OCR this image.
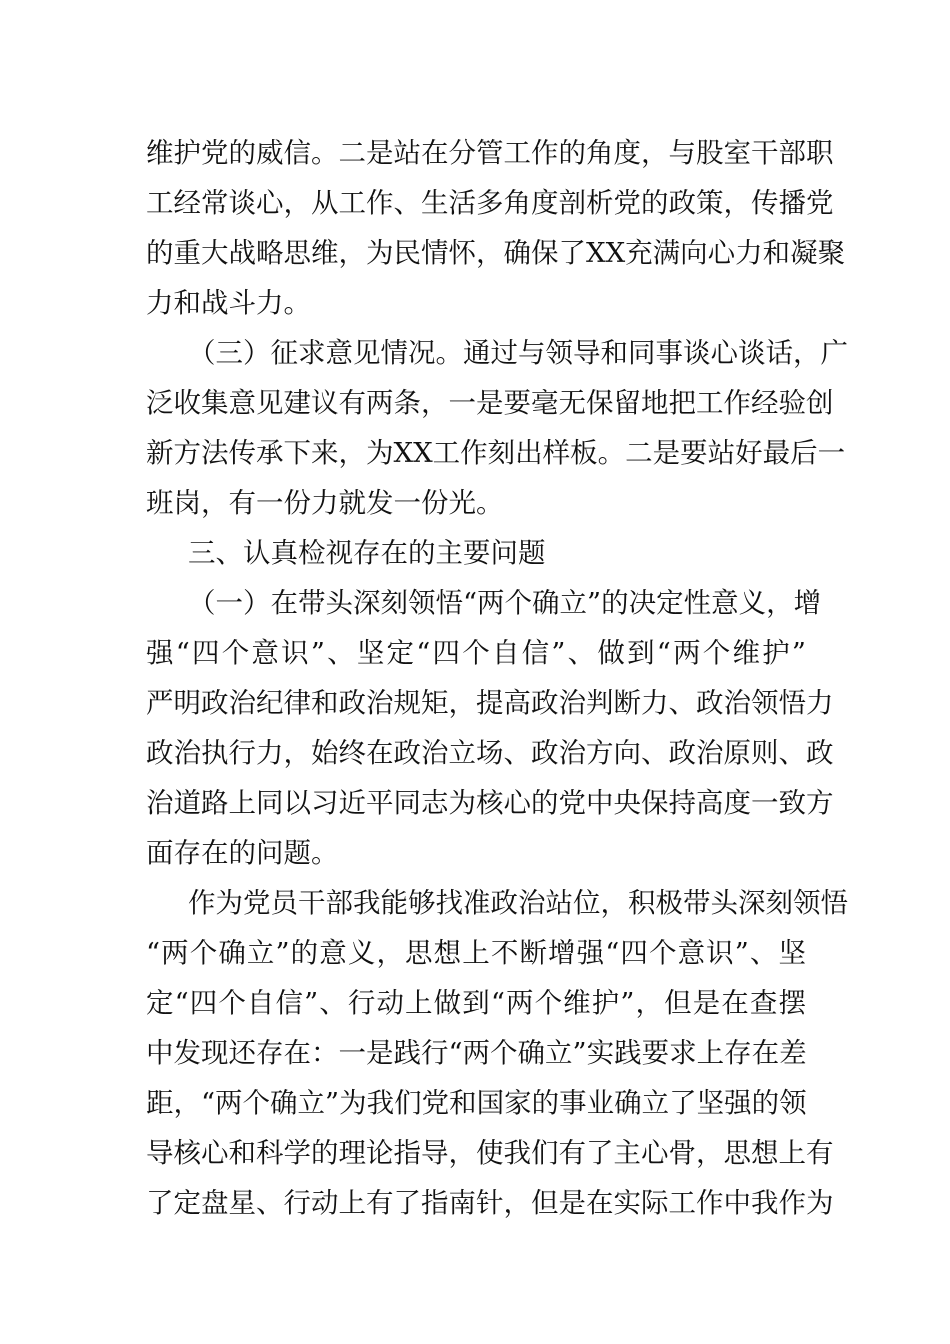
维护党的威信。二是站在分管工作的角度，与股室干部职
工经常谈心，从工作、生活多角度剖析党的政策，传播党
的重大战略思维，为民情怀，确保了XX充满向心力和凝聚
力和战斗力。
（三）征求意见情况。通过与领导和同事谈心谈话，广
泛收集意见建议有两条，一是要毫无保留地把工作经验创
新方法传承下来，为XX工作刻出样板。二是要站好最后一
班岗，有一份力就发一份光。
三、认真检视存在的主要问题
（一）在带头深刻领悟“两个确立”的决定性意义，增
强“四个意识”、坚定“四个自信”、做到“两个维护”
严明政治纪律和政治规矩，提高政治判断力、政治领悟力
政治执行力，始终在政治立场、政治方向、政治原则、政
治道路上同以习近平同志为核心的党中央保持高度一致方
面存在的问题。
作为党员干部我能够找准政治站位，积极带头深刻领悟
“两个确立”的意义，思想上不断增强“四个意识”、坚
定“四个自信”、行动上做到“两个维护”，但是在查摆
中发现还存在：一是践行“两个确立”实践要求上存在差
距，“两个确立”为我们党和国家的事业确立了坚强的领
导核心和科学的理论指导，使我们有了主心骨，思想上有
了定盘星、行动上有了指南针，但是在实际工作中我作为
